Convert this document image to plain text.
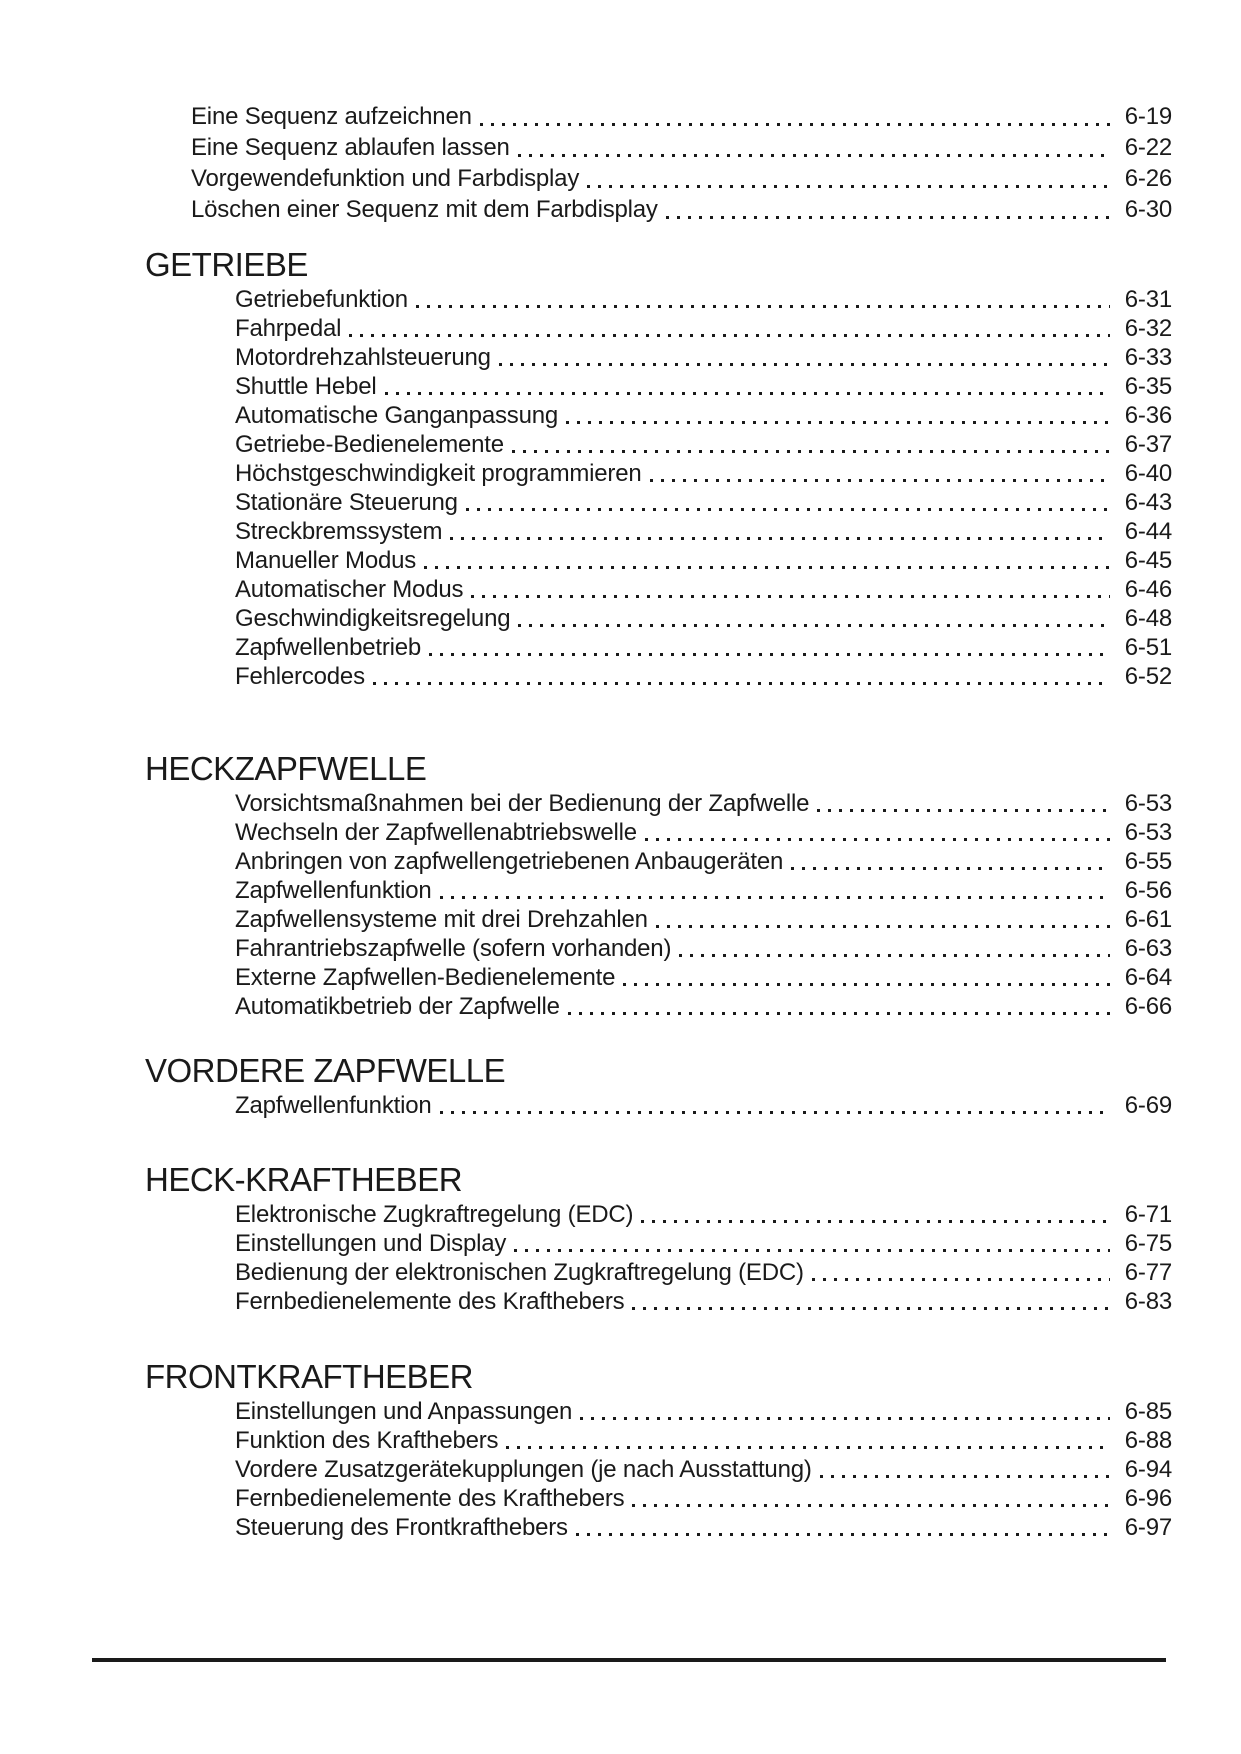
Eine Sequenz aufzeichnen	6-19
Eine Sequenz ablaufen lassen	6-22
Vorgewendefunktion und Farbdisplay	6-26
Löschen einer Sequenz mit dem Farbdisplay	6-30
GETRIEBE
Getriebefunktion	6-31
Fahrpedal	6-32
Motordrehzahlsteuerung	6-33
Shuttle Hebel	6-35
Automatische Ganganpassung	6-36
Getriebe-Bedienelemente	6-37
Höchstgeschwindigkeit programmieren	6-40
Stationäre Steuerung	6-43
Streckbremssystem	6-44
Manueller Modus	6-45
Automatischer Modus	6-46
Geschwindigkeitsregelung	6-48
Zapfwellenbetrieb	6-51
Fehlercodes	6-52
HECKZAPFWELLE
Vorsichtsmaßnahmen bei der Bedienung der Zapfwelle	6-53
Wechseln der Zapfwellenabtriebswelle	6-53
Anbringen von zapfwellengetriebenen Anbaugeräten	6-55
Zapfwellenfunktion	6-56
Zapfwellensysteme mit drei Drehzahlen	6-61
Fahrantriebszapfwelle (sofern vorhanden)	6-63
Externe Zapfwellen-Bedienelemente	6-64
Automatikbetrieb der Zapfwelle	6-66
VORDERE ZAPFWELLE
Zapfwellenfunktion	6-69
HECK-KRAFTHEBER
Elektronische Zugkraftregelung (EDC)	6-71
Einstellungen und Display	6-75
Bedienung der elektronischen Zugkraftregelung (EDC)	6-77
Fernbedienelemente des Krafthebers	6-83
FRONTKRAFTHEBER
Einstellungen und Anpassungen	6-85
Funktion des Krafthebers	6-88
Vordere Zusatzgerätekupplungen (je nach Ausstattung)	6-94
Fernbedienelemente des Krafthebers	6-96
Steuerung des Frontkrafthebers	6-97
